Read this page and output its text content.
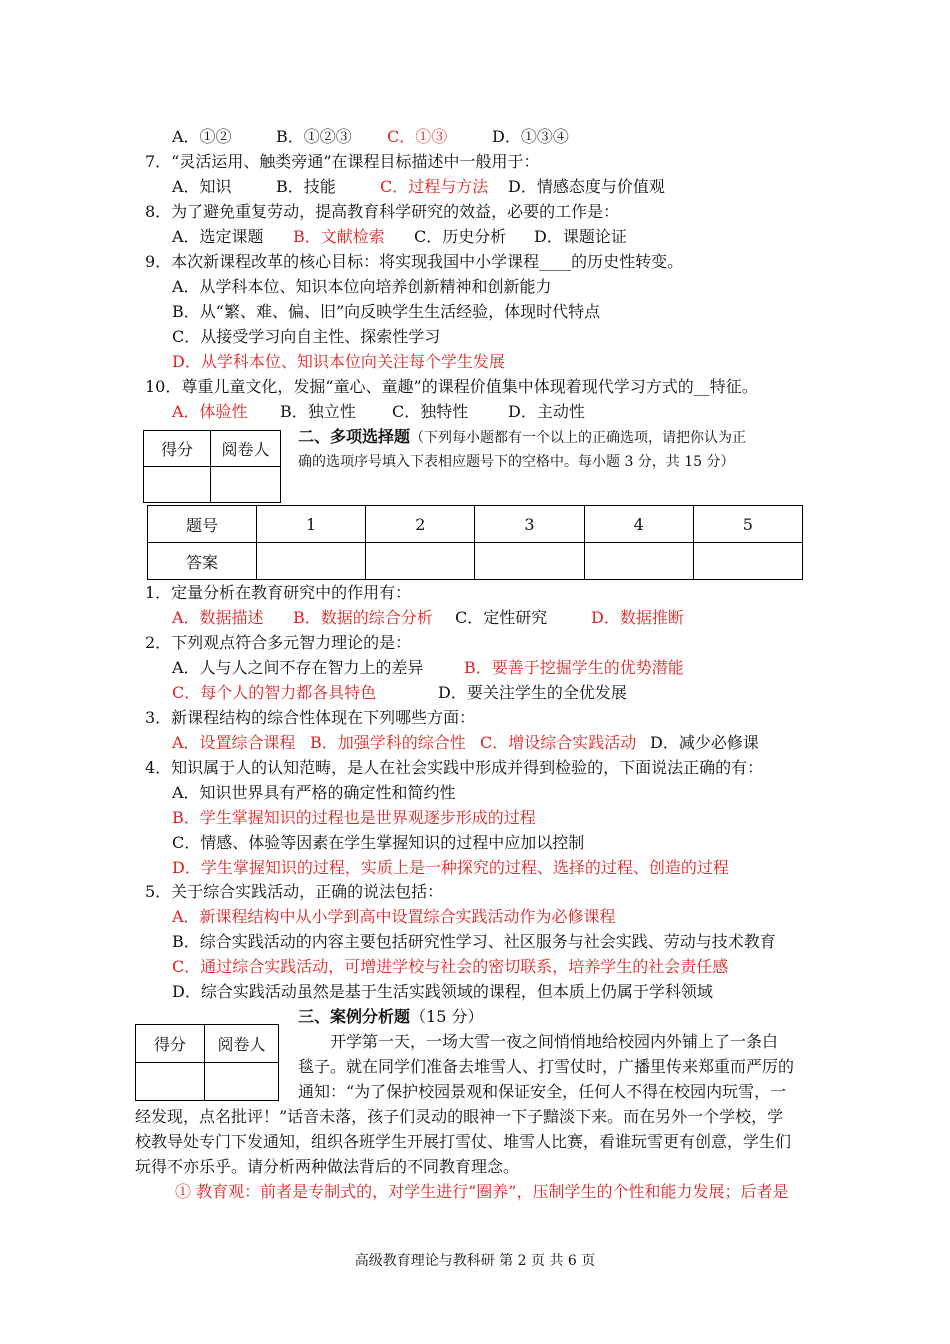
A．①②	B．①②③ C．①③	D．①③④
7．“灵活运用、触类旁通”在课程目标描述中一般用于：
A．知识	B．技能	C．过程与方法 D．情感态度与价值观
8．为了避免重复劳动，提高教育科学研究的效益，必要的工作是：
A．选定课题 B．文献检索 C．历史分析 D．课题论证
9．本次新课程改革的核心目标：将实现我国中小学课程____的历史性转变。
A．从学科本位、知识本位向培养创新精神和创新能力
B．从“繁、难、偏、旧”向反映学生生活经验，体现时代特点
C．从接受学习向自主性、探索性学习
D．从学科本位、知识本位向关注每个学生发展
10．尊重儿童文化，发掘“童心、童趣”的课程价值集中体现着现代学习方式的__特征。
A．体验性 B．独立性 C．独特性 D．主动性
得分	阅卷人

二、多项选择题（下列每小题都有一个以上的正确选项，请把你认为正
确的选项序号填入下表相应题号下的空格中。每小题 3 分，共 15 分）
题号	1	2	3	4	5
答案					
1．定量分析在教育研究中的作用有：
A．数据描述 B．数据的综合分析 C．定性研究	D．数据推断
2．下列观点符合多元智力理论的是：
A．人与人之间不存在智力上的差异	B．要善于挖掘学生的优势潜能
C．每个人的智力都各具特色	D．要关注学生的全优发展
3．新课程结构的综合性体现在下列哪些方面：
A．设置综合课程 B．加强学科的综合性 C．增设综合实践活动 D．减少必修课
4．知识属于人的认知范畴，是人在社会实践中形成并得到检验的，下面说法正确的有：
A．知识世界具有严格的确定性和简约性
B．学生掌握知识的过程也是世界观逐步形成的过程
C．情感、体验等因素在学生掌握知识的过程中应加以控制
D．学生掌握知识的过程，实质上是一种探究的过程、选择的过程、创造的过程
5．关于综合实践活动，正确的说法包括：
A．新课程结构中从小学到高中设置综合实践活动作为必修课程
B．综合实践活动的内容主要包括研究性学习、社区服务与社会实践、劳动与技术教育
C．通过综合实践活动，可增进学校与社会的密切联系，培养学生的社会责任感
D．综合实践活动虽然是基于生活实践领域的课程，但本质上仍属于学科领域
得分	阅卷人

三、案例分析题（15 分）
开学第一天，一场大雪一夜之间悄悄地给校园内外铺上了一条白
毯子。就在同学们准备去堆雪人、打雪仗时，广播里传来郑重而严厉的
通知：“为了保护校园景观和保证安全，任何人不得在校园内玩雪，一
经发现，点名批评！”话音未落，孩子们灵动的眼神一下子黯淡下来。而在另外一个学校，学
校教导处专门下发通知，组织各班学生开展打雪仗、堆雪人比赛，看谁玩雪更有创意，学生们
玩得不亦乐乎。请分析两种做法背后的不同教育理念。
① 教育观：前者是专制式的，对学生进行“圈养”，压制学生的个性和能力发展；后者是
高级教育理论与教科研 第 2 页 共 6 页
